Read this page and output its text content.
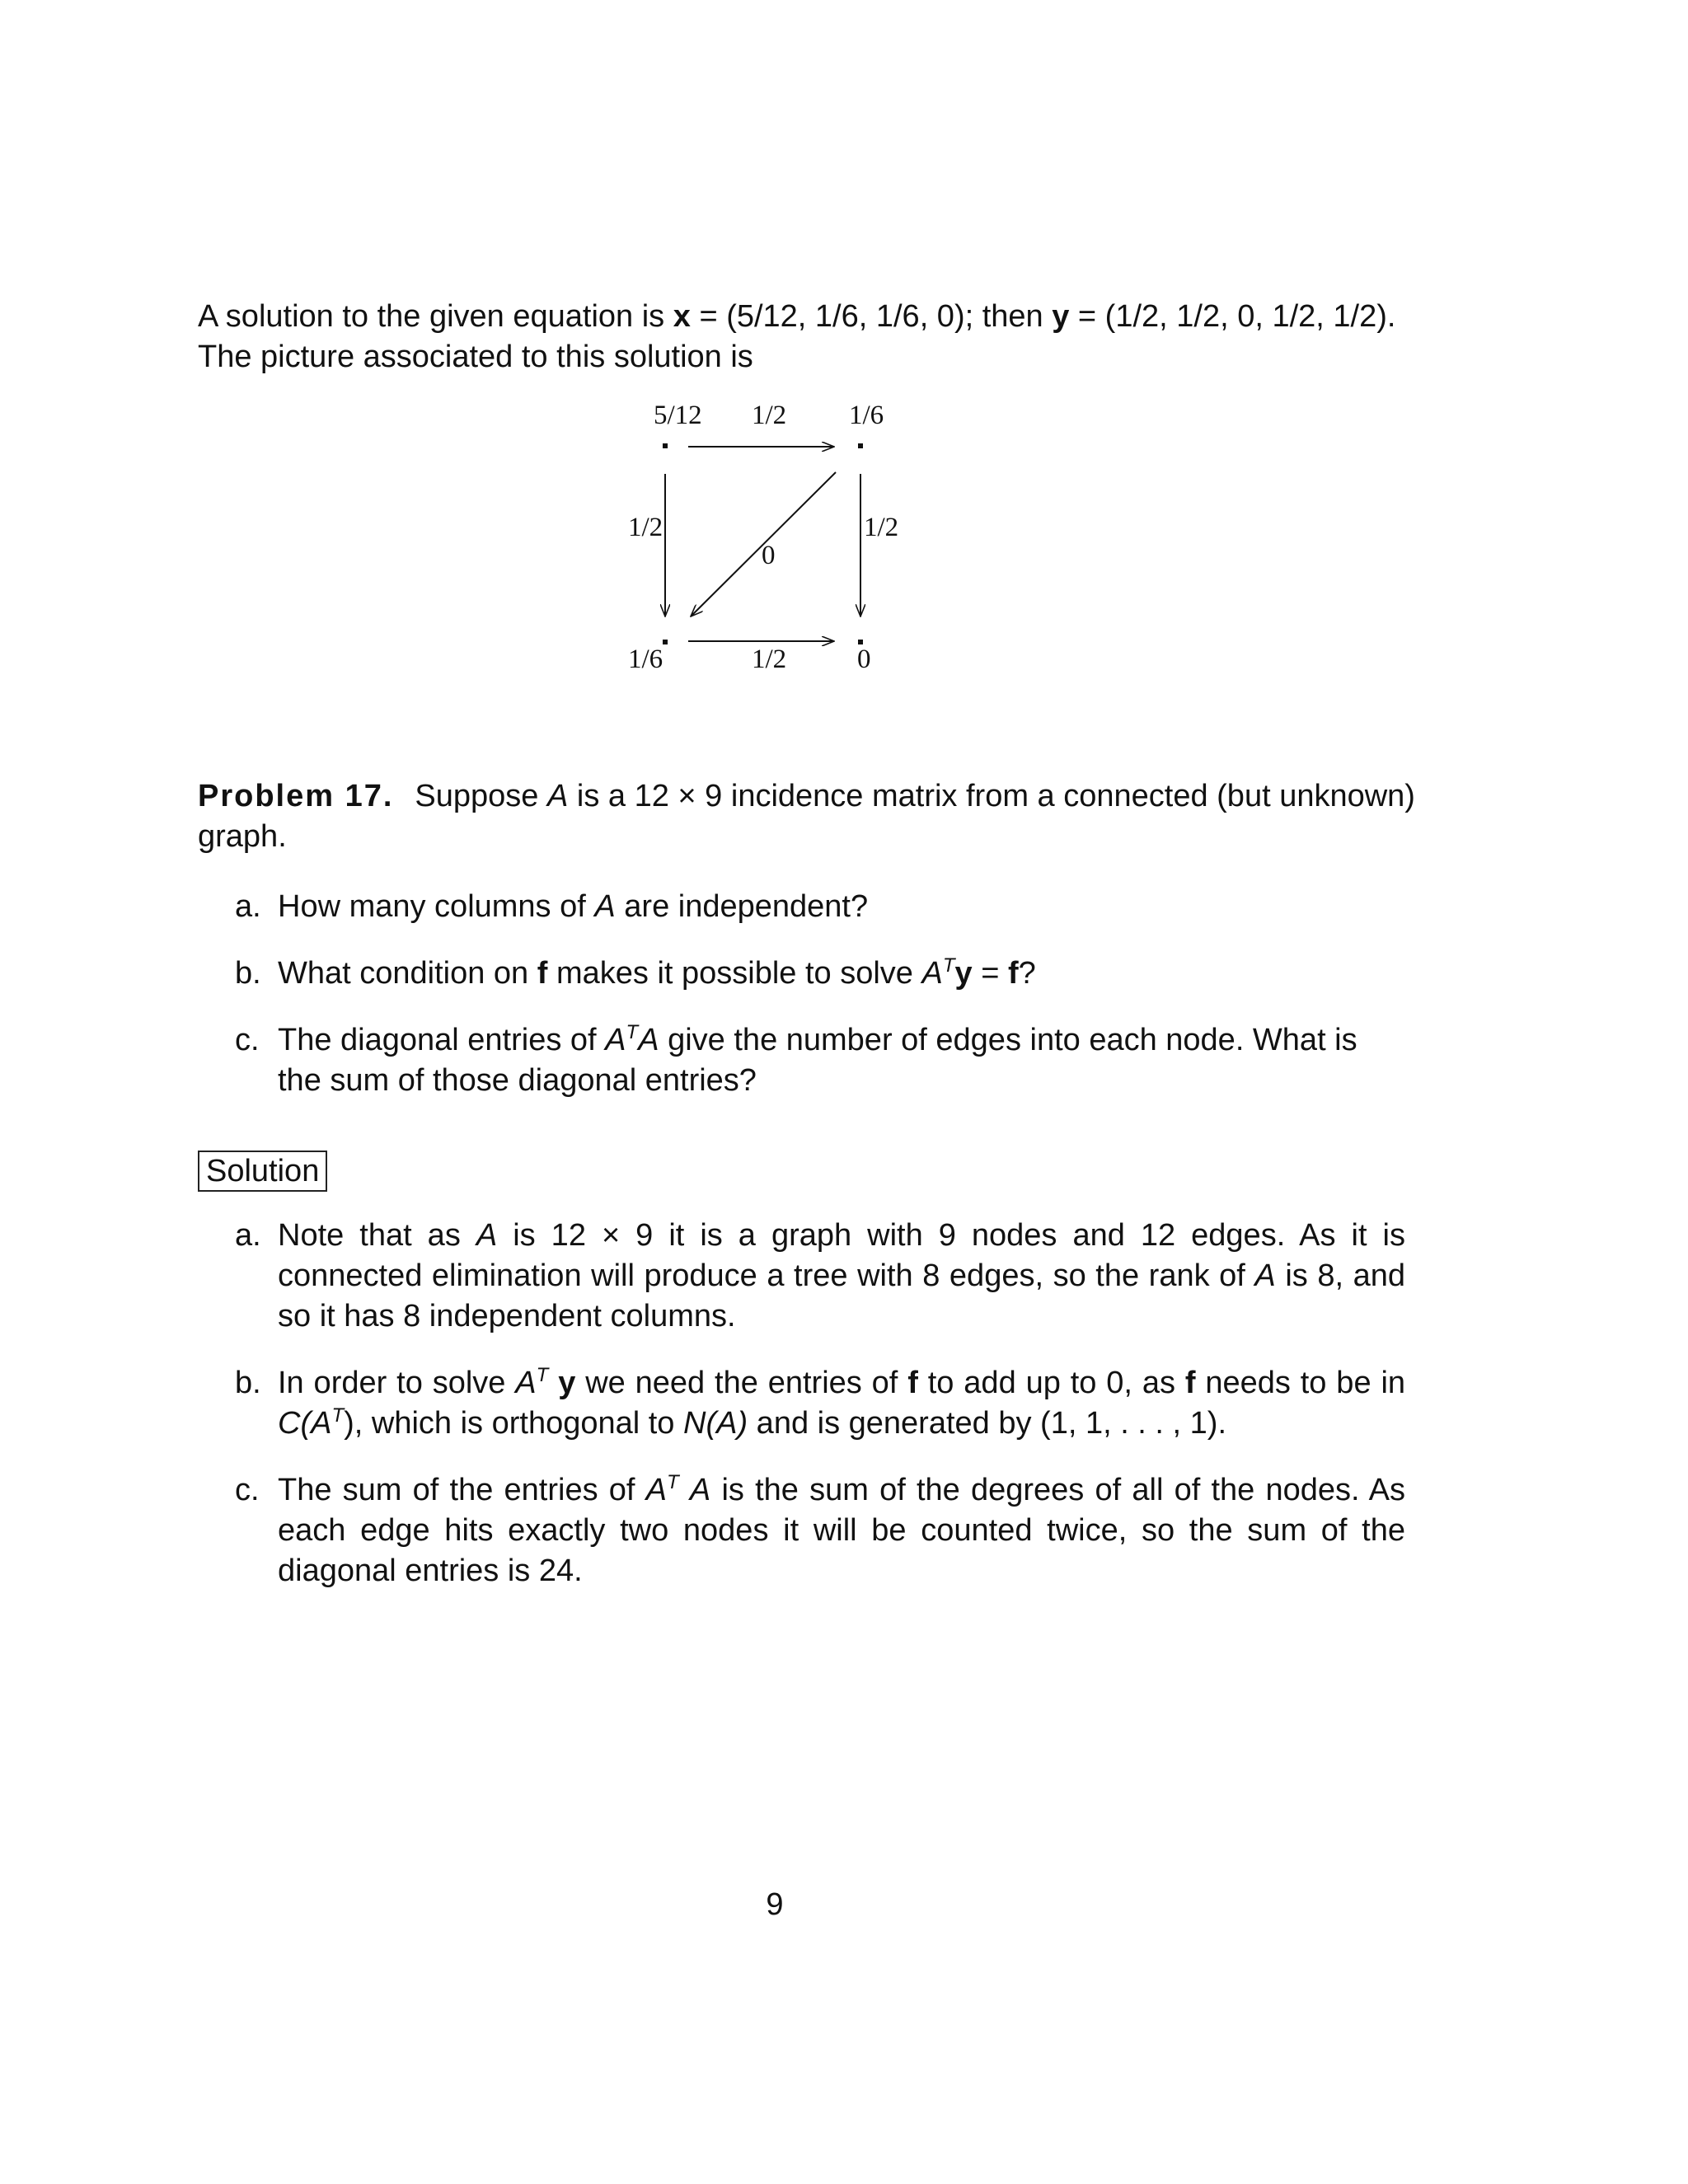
A solution to the given equation is x = (5/12, 1/6, 1/6, 0); then y = (1/2, 1/2, 0, 1/2, 1/2).
The picture associated to this solution is
5/12 1/2 1/6
1/2	1/2
0
1/6	1/2	0
Problem 17. Suppose A is a 12 × 9 incidence matrix from a connected (but unknown) graph.
a. How many columns of A are independent?
b. What condition on f makes it possible to solve $A^Ty = f$?
c. The diagonal entries of $A^TA$ give the number of edges into each node. What is the sum of those diagonal entries?
Solution
a. Note that as A is 12 × 9 it is a graph with 9 nodes and 12 edges. As it is connected elimination will produce a tree with 8 edges, so the rank of A is 8, and so it has 8 independent columns.
b. In order to solve $A^T$ y we need the entries of f to add up to 0, as f needs to be in $C(A^T)$, which is orthogonal to N(A) and is generated by (1, 1, . . . , 1).
c. The sum of the entries of $A^T$ A is the sum of the degrees of all of the nodes. As each edge hits exactly two nodes it will be counted twice, so the sum of the diagonal entries is 24.
9
